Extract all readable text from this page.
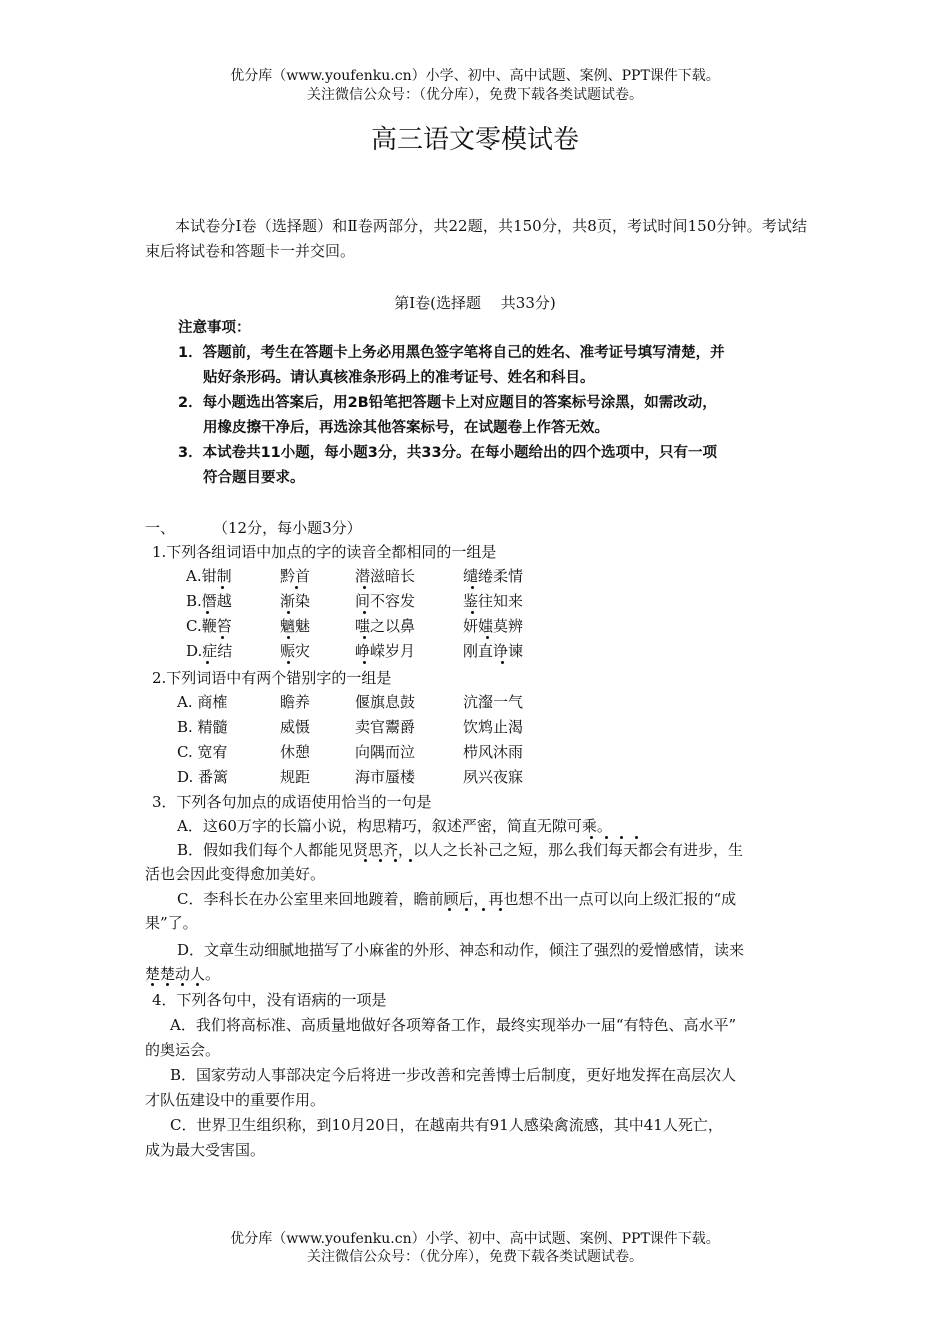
优分库（www.youfenku.cn）小学、初中、高中试题、案例、PPT课件下载。
关注微信公众号：（优分库），免费下载各类试题试卷。
高三语文零模试卷
本试卷分Ⅰ卷（选择题）和Ⅱ卷两部分，共22题，共150分，共8页，考试时间150分钟。考试结束后将试卷和答题卡一并交回。
第Ⅰ卷(选择题　 共33分)
注意事项：
1．答题前，考生在答题卡上务必用黑色签字笔将自己的姓名、准考证号填写清楚，并
贴好条形码。请认真核准条形码上的准考证号、姓名和科目。
2．每小题选出答案后，用2B铅笔把答题卡上对应题目的答案标号涂黑，如需改动，
用橡皮擦干净后，再选涂其他答案标号，在试题卷上作答无效。
3．本试卷共11小题，每小题3分，共33分。在每小题给出的四个选项中，只有一项
符合题目要求。
一、	（12分，每小题3分）
1.下列各组词语中加点的字的读音全都相同的一组是
A.钳制	黔首	潜滋暗长	缱绻柔情
B.僭越	渐染	间不容发	鉴往知来
C.鞭笞	魑魅	嗤之以鼻	妍媸莫辨
D.症结	赈灾	峥嵘岁月	刚直诤谏
2.下列词语中有两个错别字的一组是
A. 商榷	瞻养	偃旗息鼓	沆瀣一气
B. 精髓	威慑	卖官鬻爵	饮鸩止渴
C. 宽宥	休憩	向隅而泣	栉风沐雨
D. 番篱	规距	海市蜃楼	夙兴夜寐
3．下列各句加点的成语使用恰当的一句是
A．这60万字的长篇小说，构思精巧，叙述严密，简直无隙可乘。
B．假如我们每个人都能见贤思齐，以人之长补己之短，那么我们每天都会有进步，生
活也会因此变得愈加美好。
C．李科长在办公室里来回地踱着，瞻前顾后，再也想不出一点可以向上级汇报的“成
果”了。
D．文章生动细腻地描写了小麻雀的外形、神态和动作，倾注了强烈的爱憎感情，读来
楚楚动人。
4．下列各句中，没有语病的一项是
A．我们将高标准、高质量地做好各项筹备工作，最终实现举办一届“有特色、高水平”
的奥运会。
B．国家劳动人事部决定今后将进一步改善和完善博士后制度，更好地发挥在高层次人
才队伍建设中的重要作用。
C．世界卫生组织称，到10月20日，在越南共有91人感染禽流感，其中41人死亡，
成为最大受害国。
优分库（www.youfenku.cn）小学、初中、高中试题、案例、PPT课件下载。
关注微信公众号：（优分库），免费下载各类试题试卷。
